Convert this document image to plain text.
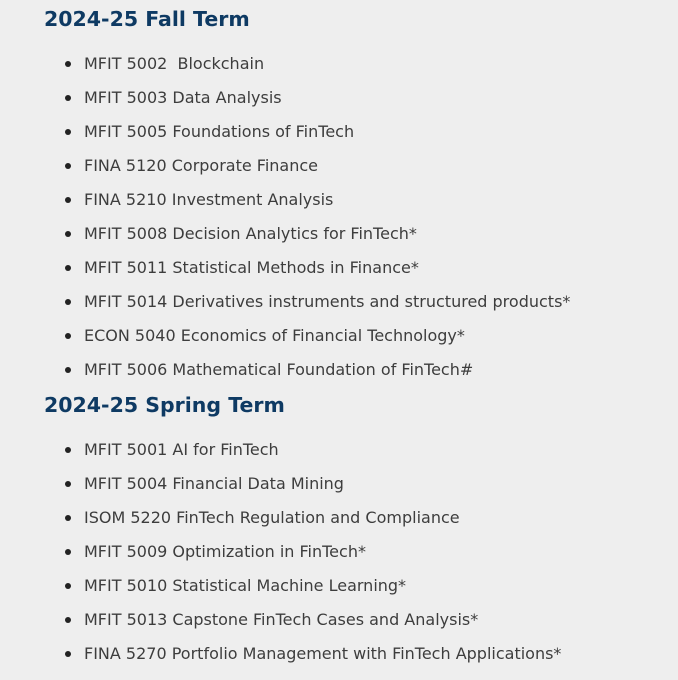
2024-25 Fall Term
MFIT 5002  Blockchain
MFIT 5003 Data Analysis
MFIT 5005 Foundations of FinTech
FINA 5120 Corporate Finance
FINA 5210 Investment Analysis
MFIT 5008 Decision Analytics for FinTech*
MFIT 5011 Statistical Methods in Finance*
MFIT 5014 Derivatives instruments and structured products*
ECON 5040 Economics of Financial Technology*
MFIT 5006 Mathematical Foundation of FinTech#
2024-25 Spring Term
MFIT 5001 AI for FinTech
MFIT 5004 Financial Data Mining
ISOM 5220 FinTech Regulation and Compliance
MFIT 5009 Optimization in FinTech*
MFIT 5010 Statistical Machine Learning*
MFIT 5013 Capstone FinTech Cases and Analysis*
FINA 5270 Portfolio Management with FinTech Applications*
